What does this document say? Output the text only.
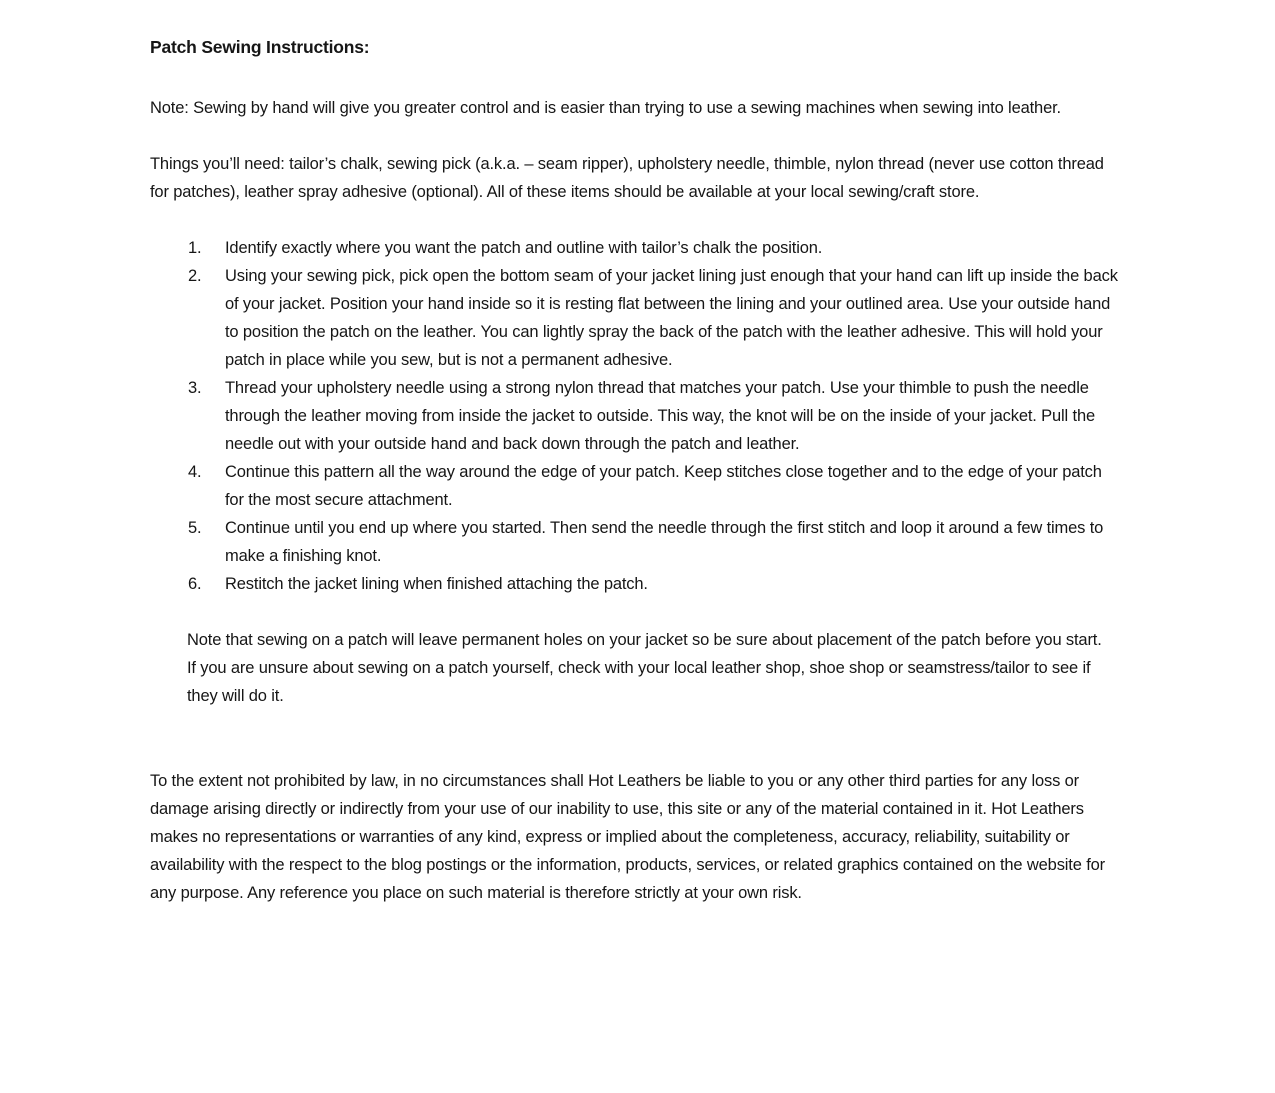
Patch Sewing Instructions:

Note: Sewing by hand will give you greater control and is easier than trying to use a sewing machines when sewing into leather.

Things you’ll need: tailor’s chalk, sewing pick (a.k.a. – seam ripper), upholstery needle, thimble, nylon thread (never use cotton thread for patches), leather spray adhesive (optional). All of these items should be available at your local sewing/craft store.

1.	Identify exactly where you want the patch and outline with tailor’s chalk the position.
2.	Using your sewing pick, pick open the bottom seam of your jacket lining just enough that your hand can lift up inside the back of your jacket. Position your hand inside so it is resting flat between the lining and your outlined area. Use your outside hand to position the patch on the leather. You can lightly spray the back of the patch with the leather adhesive. This will hold your patch in place while you sew, but is not a permanent adhesive.
3.	Thread your upholstery needle using a strong nylon thread that matches your patch. Use your thimble to push the needle through the leather moving from inside the jacket to outside. This way, the knot will be on the inside of your jacket. Pull the needle out with your outside hand and back down through the patch and leather.
4.	Continue this pattern all the way around the edge of your patch. Keep stitches close together and to the edge of your patch for the most secure attachment.
5.	Continue until you end up where you started. Then send the needle through the first stitch and loop it around a few times to make a finishing knot.
6.	Restitch the jacket lining when finished attaching the patch.

Note that sewing on a patch will leave permanent holes on your jacket so be sure about placement of the patch before you start.

If you are unsure about sewing on a patch yourself, check with your local leather shop, shoe shop or seamstress/tailor to see if they will do it.

To the extent not prohibited by law, in no circumstances shall Hot Leathers be liable to you or any other third parties for any loss or damage arising directly or indirectly from your use of our inability to use, this site or any of the material contained in it. Hot Leathers makes no representations or warranties of any kind, express or implied about the completeness, accuracy, reliability, suitability or availability with the respect to the blog postings or the information, products, services, or related graphics contained on the website for any purpose. Any reference you place on such material is therefore strictly at your own risk.
